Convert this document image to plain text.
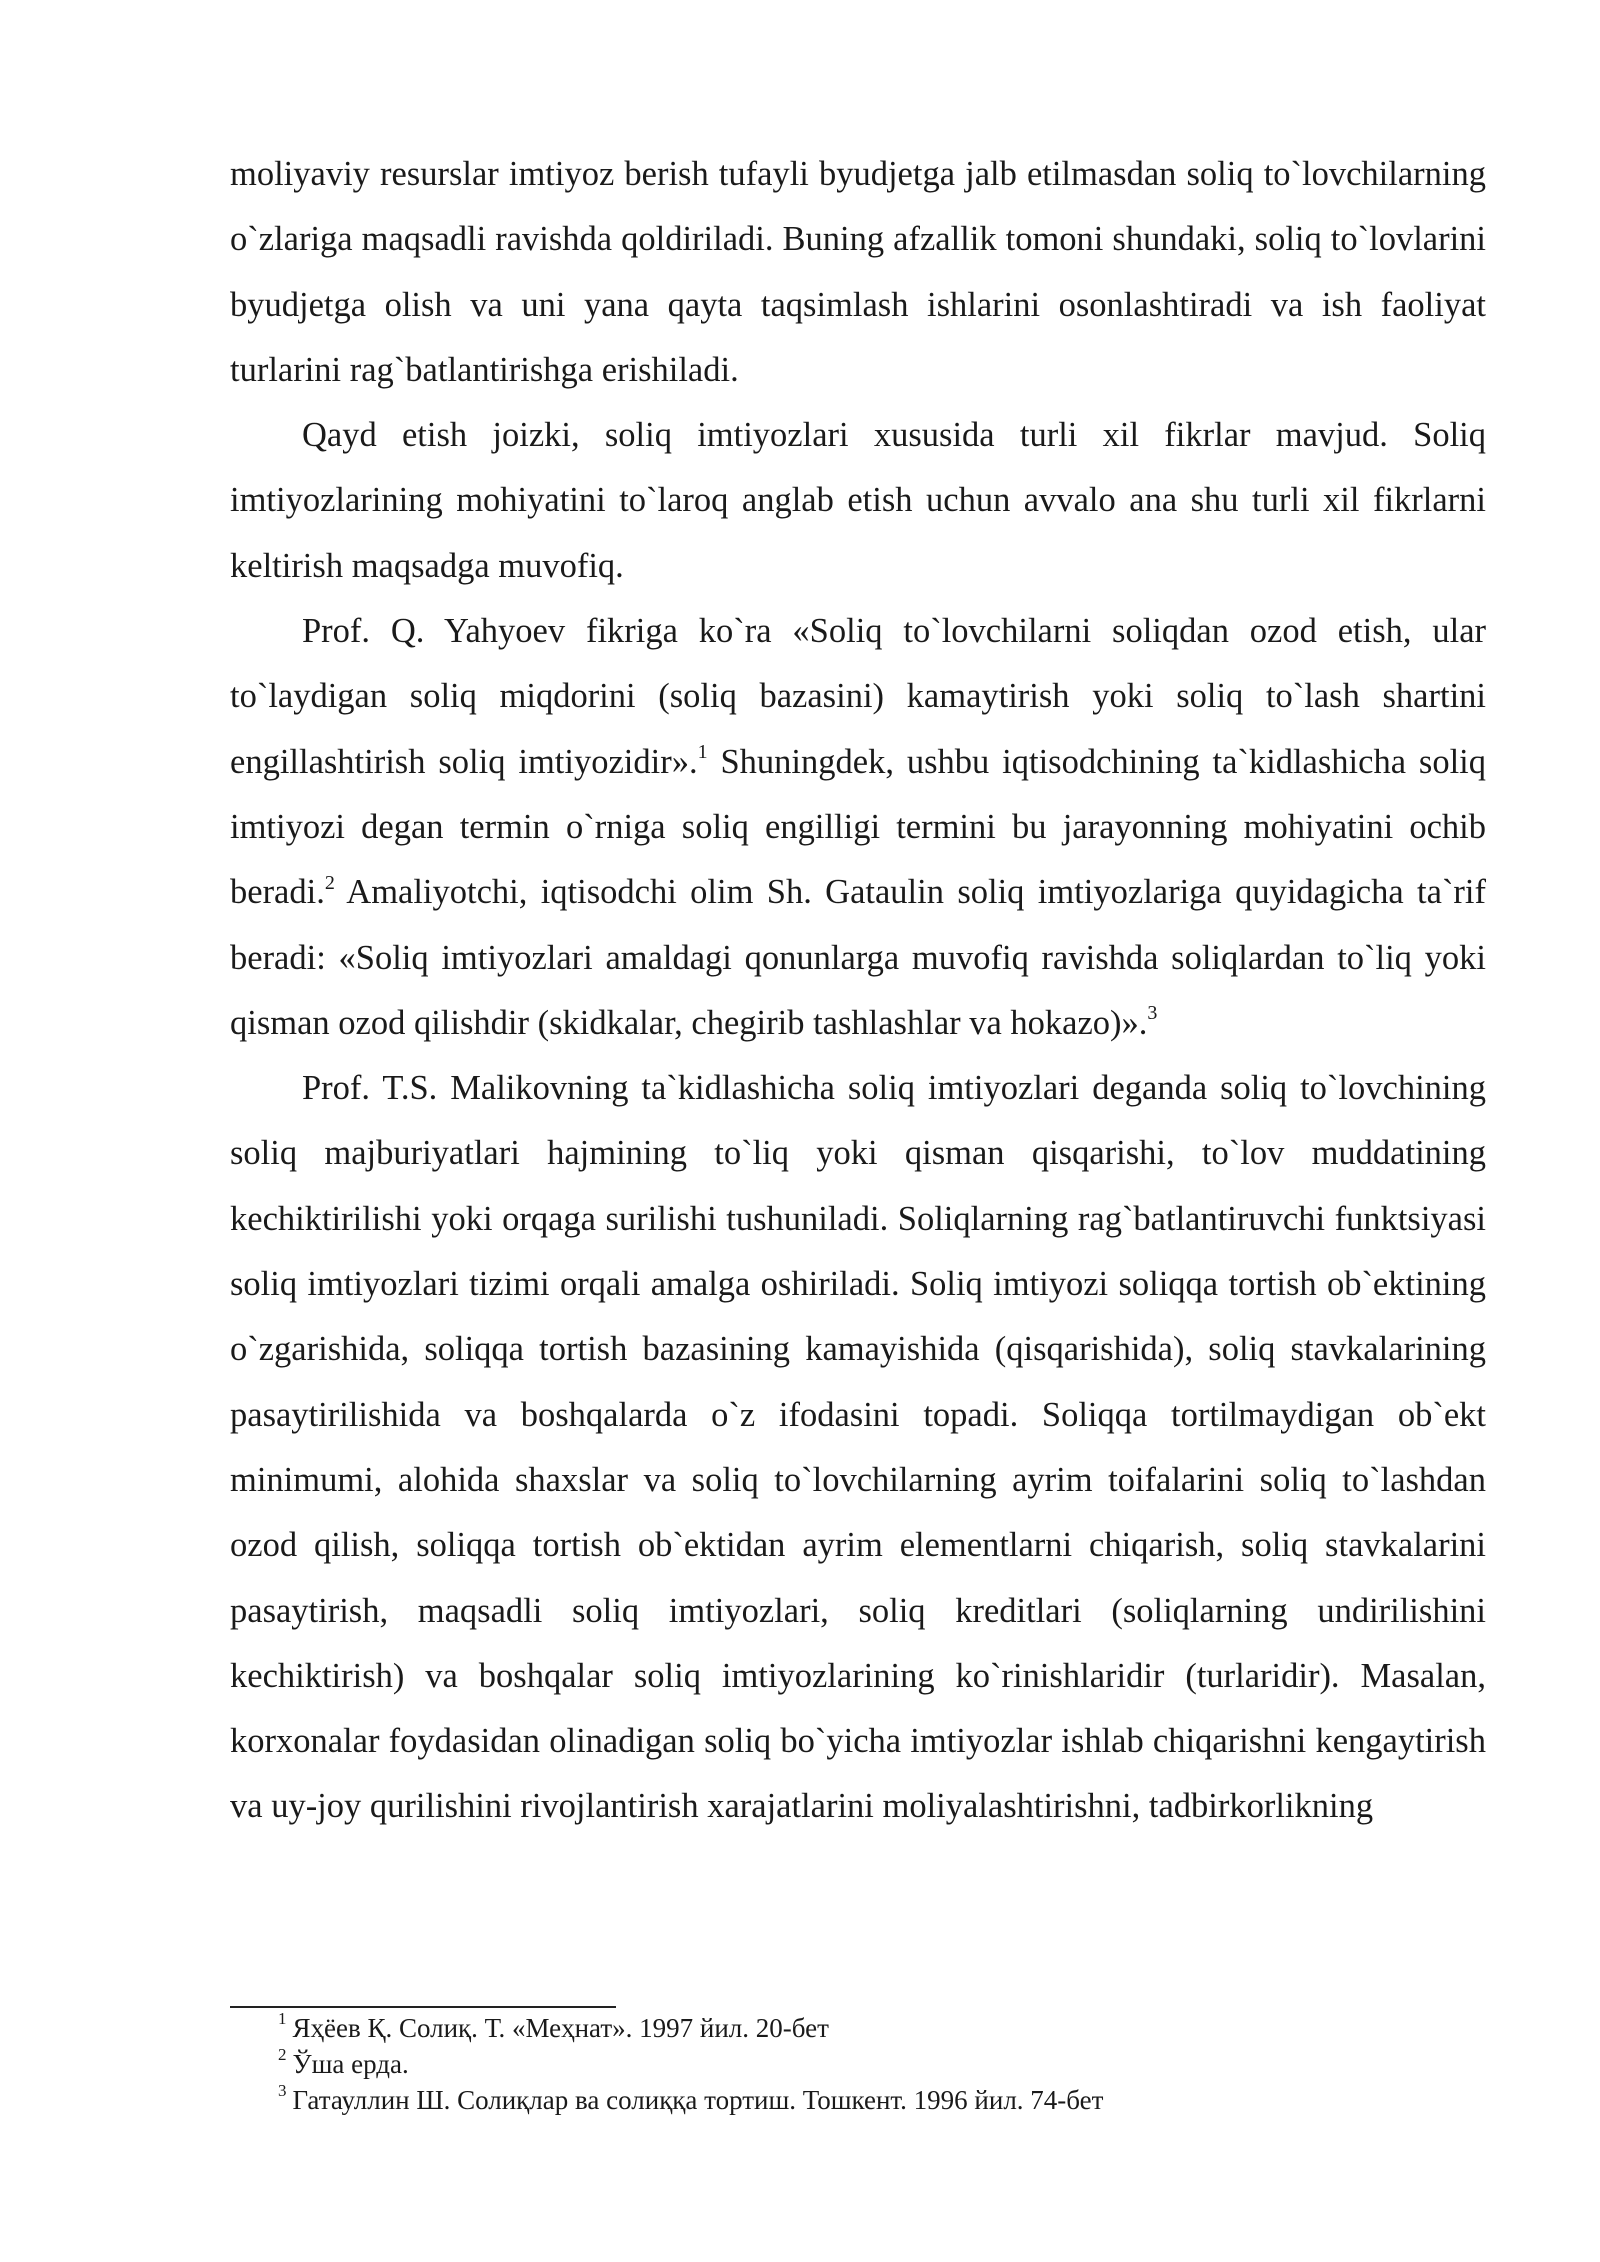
moliyaviy resurslar imtiyoz berish tufayli byudjetga jalb etilmasdan soliq to`lovchilarning o`zlariga maqsadli ravishda qoldiriladi. Buning afzallik tomoni shundaki, soliq to`lovlarini byudjetga olish va uni yana qayta taqsimlash ishlarini osonlashtiradi va ish faoliyat turlarini rag`batlantirishga erishiladi.

Qayd etish joizki, soliq imtiyozlari xususida turli xil fikrlar mavjud. Soliq imtiyozlarining mohiyatini to`laroq anglab etish uchun avvalo ana shu turli xil fikrlarni keltirish maqsadga muvofiq.

Prof. Q. Yahyoev fikriga ko`ra «Soliq to`lovchilarni soliqdan ozod etish, ular to`laydigan soliq miqdorini (soliq bazasini) kamaytirish yoki soliq to`lash shartini engillashtirish soliq imtiyozidir».$^1$ Shuningdek, ushbu iqtisodchining ta`kidlashicha soliq imtiyozi degan termin o`rniga soliq engilligi termini bu jarayonning mohiyatini ochib beradi.$^2$ Amaliyotchi, iqtisodchi olim Sh. Gataulin soliq imtiyozlariga quyidagicha ta`rif beradi: «Soliq imtiyozlari amaldagi qonunlarga muvofiq ravishda soliqlardan to`liq yoki qisman ozod qilishdir (skidkalar, chegirib tashlashlar va hokazo)».$^3$

Prof. T.S. Malikovning ta`kidlashicha soliq imtiyozlari deganda soliq to`lovchining soliq majburiyatlari hajmining to`liq yoki qisman qisqarishi, to`lov muddatining kechiktirilishi yoki orqaga surilishi tushuniladi. Soliqlarning rag`batlantiruvchi funktsiyasi soliq imtiyozlari tizimi orqali amalga oshiriladi. Soliq imtiyozi soliqqa tortish ob`ektining o`zgarishida, soliqqa tortish bazasining kamayishida (qisqarishida), soliq stavkalarining pasaytirilishida va boshqalarda o`z ifodasini topadi. Soliqqa tortilmaydigan ob`ekt minimumi, alohida shaxslar va soliq to`lovchilarning ayrim toifalarini soliq to`lashdan ozod qilish, soliqqa tortish ob`ektidan ayrim elementlarni chiqarish, soliq stavkalarini pasaytirish, maqsadli soliq imtiyozlari, soliq kreditlari (soliqlarning undirilishini kechiktirish) va boshqalar soliq imtiyozlarining ko`rinishlaridir (turlaridir). Masalan, korxonalar foydasidan olinadigan soliq bo`yicha imtiyozlar ishlab chiqarishni kengaytirish va uy-joy qurilishini rivojlantirish xarajatlarini moliyalashtirishni, tadbirkorlikning

$^1$ Яҳёев Қ. Солиқ. Т. «Меҳнат». 1997 йил. 20-бет

$^2$ Ўша ерда.

$^3$ Гатауллин Ш. Солиқлар ва солиққа тортиш. Тошкент. 1996 йил. 74-бет
